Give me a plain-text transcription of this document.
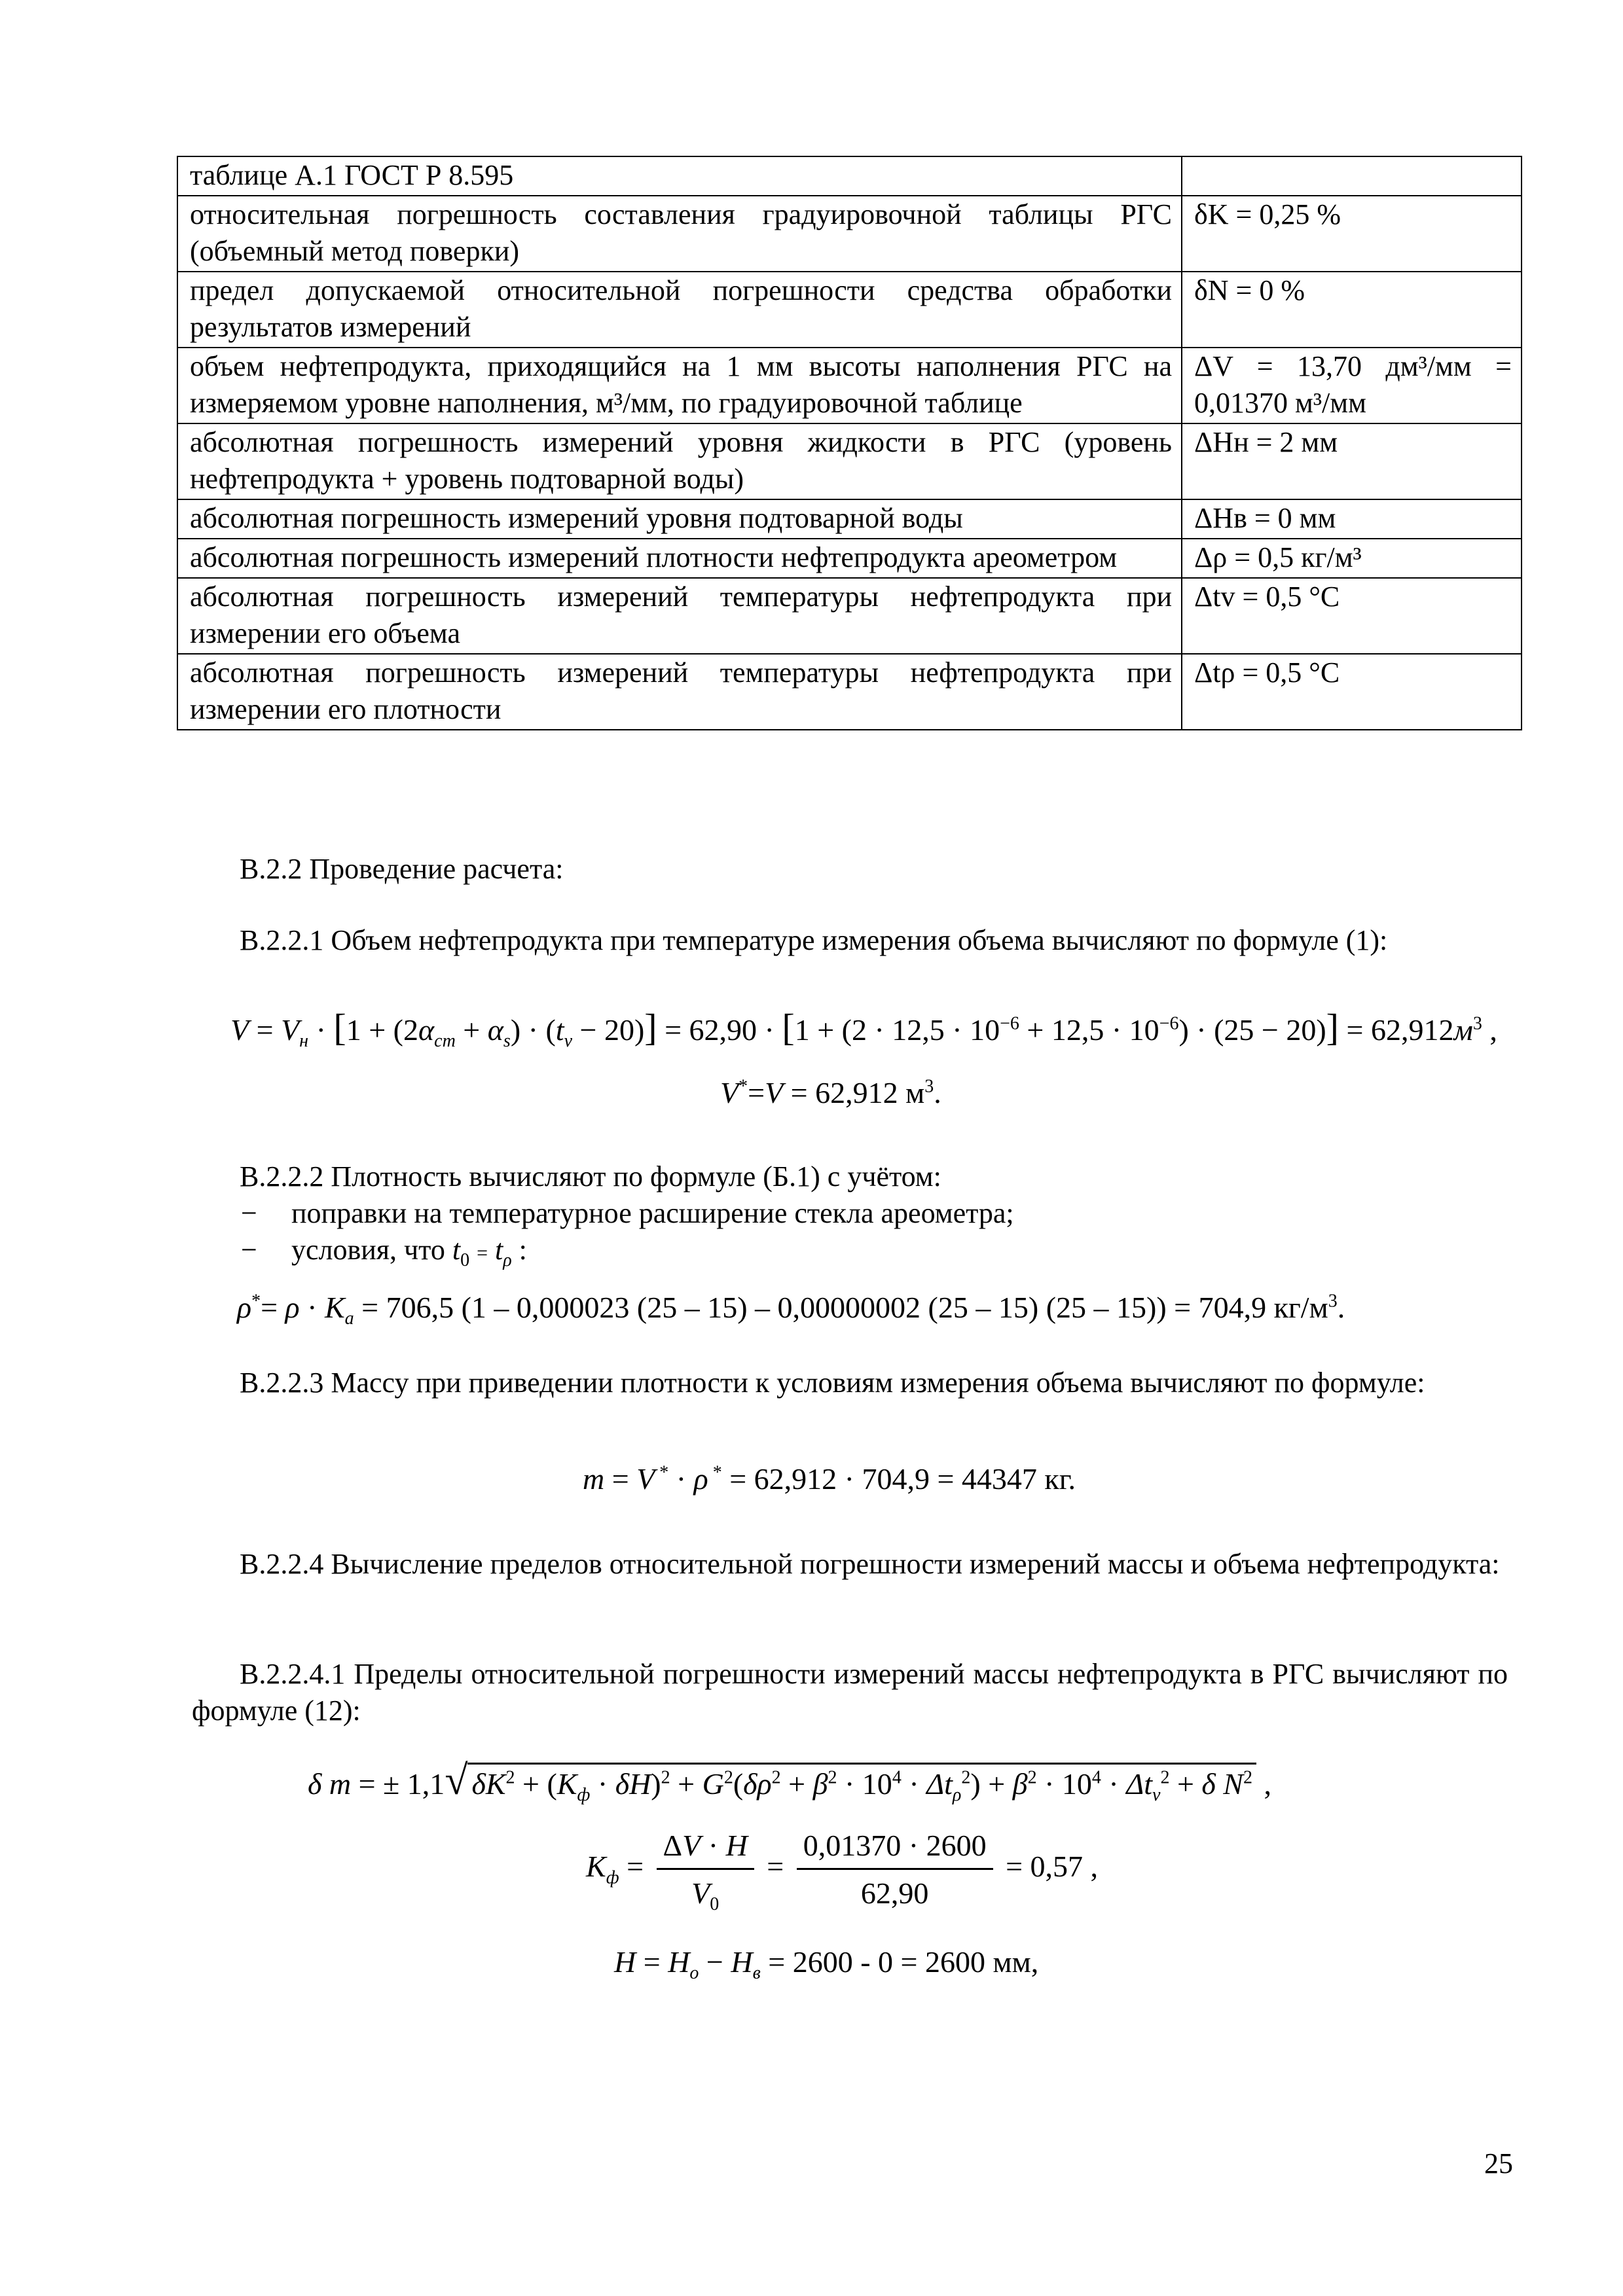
таблице А.1 ГОСТ Р 8.595	
относительная погрешность составления градуировочной таблицы РГС (объемный метод поверки)	δK = 0,25 %
предел допускаемой относительной погрешности средства обработки результатов измерений	δN = 0 %
объем нефтепродукта, приходящийся на 1 мм высоты наполнения РГС на измеряемом уровне наполнения, м³/мм, по градуировочной таблице	ΔV = 13,70 дм³/мм = 0,01370 м³/мм
абсолютная погрешность измерений уровня жидкости в РГС (уровень нефтепродукта + уровень подтоварной воды)	ΔHн = 2 мм
абсолютная погрешность измерений уровня подтоварной воды	ΔHв = 0 мм
абсолютная погрешность измерений плотности нефтепродукта ареометром	Δρ = 0,5 кг/м³
абсолютная погрешность измерений температуры нефтепродукта при измерении его объема	Δtv = 0,5 °С
абсолютная погрешность измерений температуры нефтепродукта при измерении его плотности	Δtρ = 0,5 °С
В.2.2 Проведение расчета:
В.2.2.1 Объем нефтепродукта при температуре измерения объема вычисляют по формуле (1):
$V = V_н \cdot [1 + (2\alpha_{ст} + \alpha_s) \cdot (t_v - 20)] = 62,90 \cdot [1 + (2 \cdot 12,5 \cdot 10^{-6} + 12,5 \cdot 10^{-6}) \cdot (25 - 20)] = 62,912м^3$ ,
V*=V = 62,912 $м^3$.
В.2.2.2 Плотность вычисляют по формуле (Б.1) с учётом:
− поправки на температурное расширение стекла ареометра;
− условия, что $t_0 = t_\rho$ :
$\rho^*= \rho \cdot K_a = 706,5$ (1 – 0,000023 (25 – 15) – 0,00000002 (25 – 15) (25 – 15)) = 704,9 $кг/м^3$.
В.2.2.3 Массу при приведении плотности к условиям измерения объема вычисляют по формуле:
m = V * · ρ * = 62,912 · 704,9 = 44347 кг.
В.2.2.4 Вычисление пределов относительной погрешности измерений массы и объема нефтепродукта:
В.2.2.4.1 Пределы относительной погрешности измерений массы нефтепродукта в РГС вычисляют по формуле (12):
δ m = ± 1,1√ $\delta K^2 + (K_ф \cdot \delta H)^2 + G^2(\delta\rho^2 + \beta^2 \cdot 10^4 \cdot \Delta t_\rho^2) + \beta^2 \cdot 10^4 \cdot \Delta t_v^2 + \delta$ $N^2$ ,
$K_ф = \frac{\Delta V \cdot H}{V_0} = \frac{0,01370 \cdot 2600}{62,90} = 0,57$ ,
$H = H_о - H_в = 2600 - 0 = 2600$ мм,
25
